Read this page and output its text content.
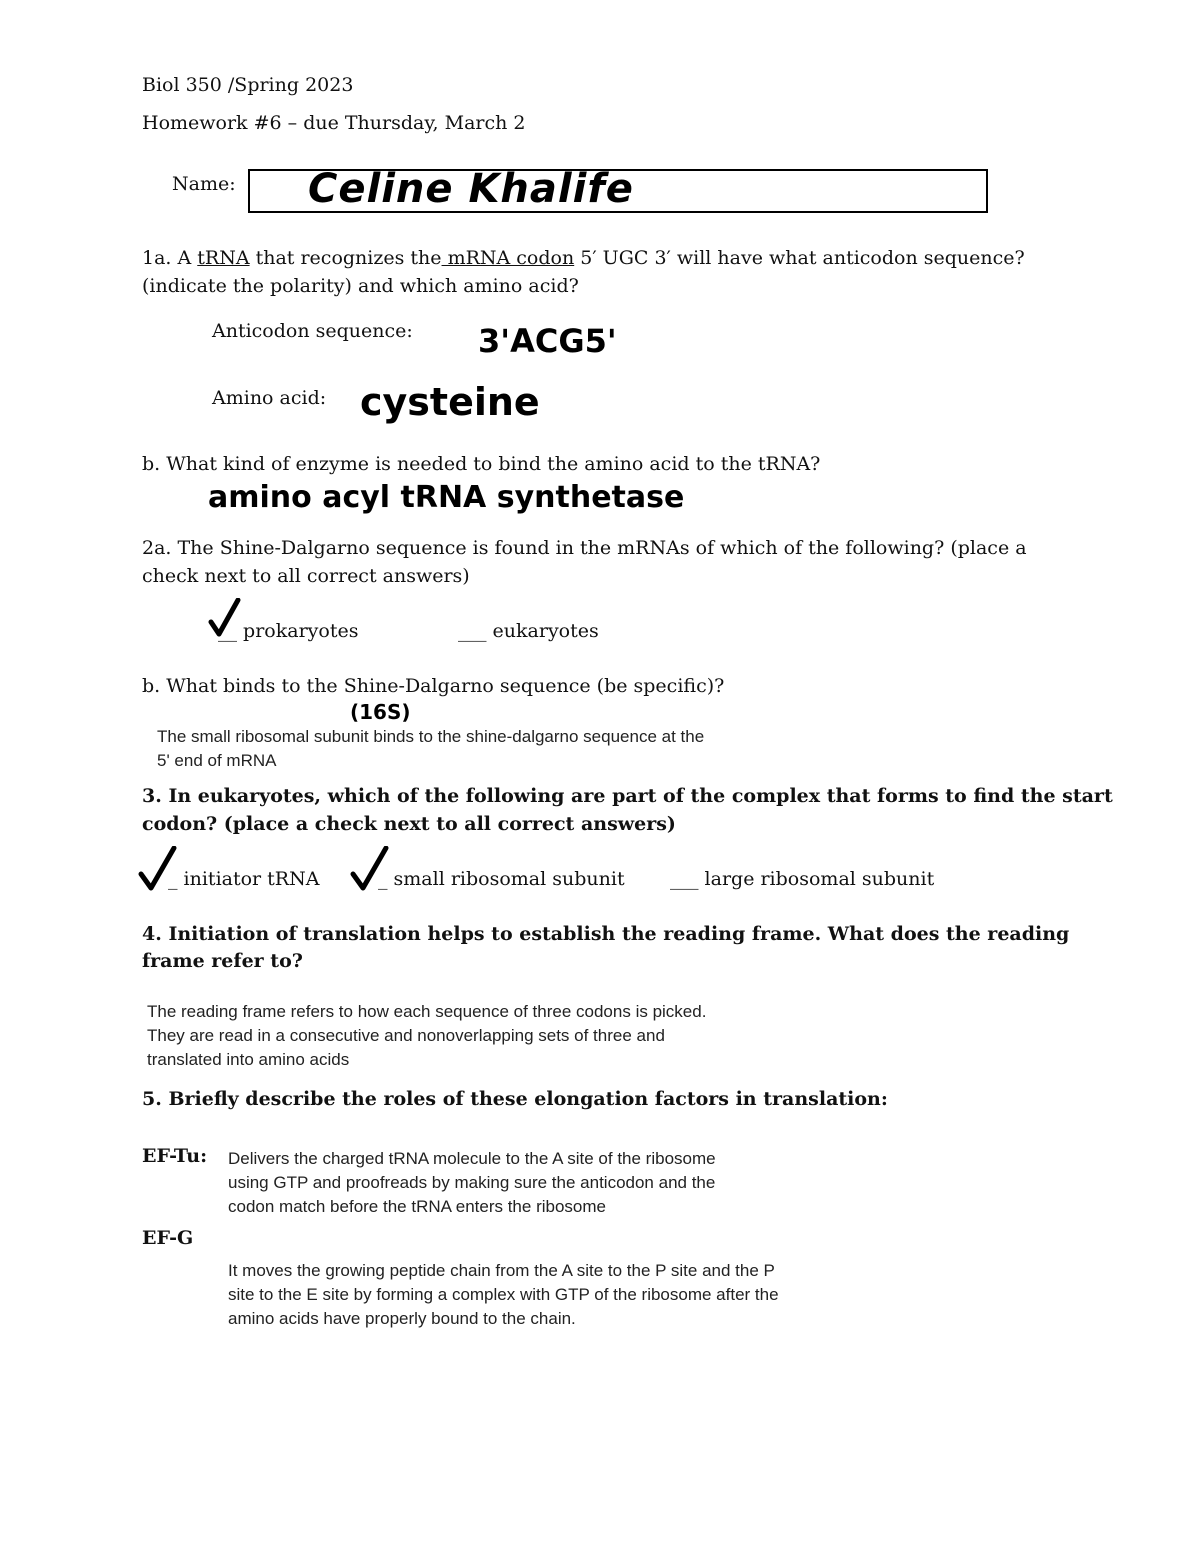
Biol 350 /Spring 2023
Homework #6 – due Thursday, March 2
Name: Celine Khalife
1a. A tRNA that recognizes the mRNA codon 5′ UGC 3′ will have what anticodon sequence?
(indicate the polarity) and which amino acid?
Anticodon sequence: 3'ACG5'
Amino acid: cysteine
b. What kind of enzyme is needed to bind the amino acid to the tRNA?
amino acyl tRNA synthetase
2a. The Shine-Dalgarno sequence is found in the mRNAs of which of the following? (place a
check next to all correct answers)
__ prokaryotes	___ eukaryotes
b. What binds to the Shine-Dalgarno sequence (be specific)?
(16S)
The small ribosomal subunit binds to the shine-dalgarno sequence at the
5' end of mRNA
3. In eukaryotes, which of the following are part of the complex that forms to find the start
codon? (place a check next to all correct answers)
_ initiator tRNA	_ small ribosomal subunit ___ large ribosomal subunit
4. Initiation of translation helps to establish the reading frame. What does the reading
frame refer to?
The reading frame refers to how each sequence of three codons is picked.
They are read in a consecutive and nonoverlapping sets of three and
translated into amino acids
5. Briefly describe the roles of these elongation factors in translation:
EF-Tu: Delivers the charged tRNA molecule to the A site of the ribosome
using GTP and proofreads by making sure the anticodon and the
codon match before the tRNA enters the ribosome
EF-G
It moves the growing peptide chain from the A site to the P site and the P
site to the E site by forming a complex with GTP of the ribosome after the
amino acids have properly bound to the chain.
